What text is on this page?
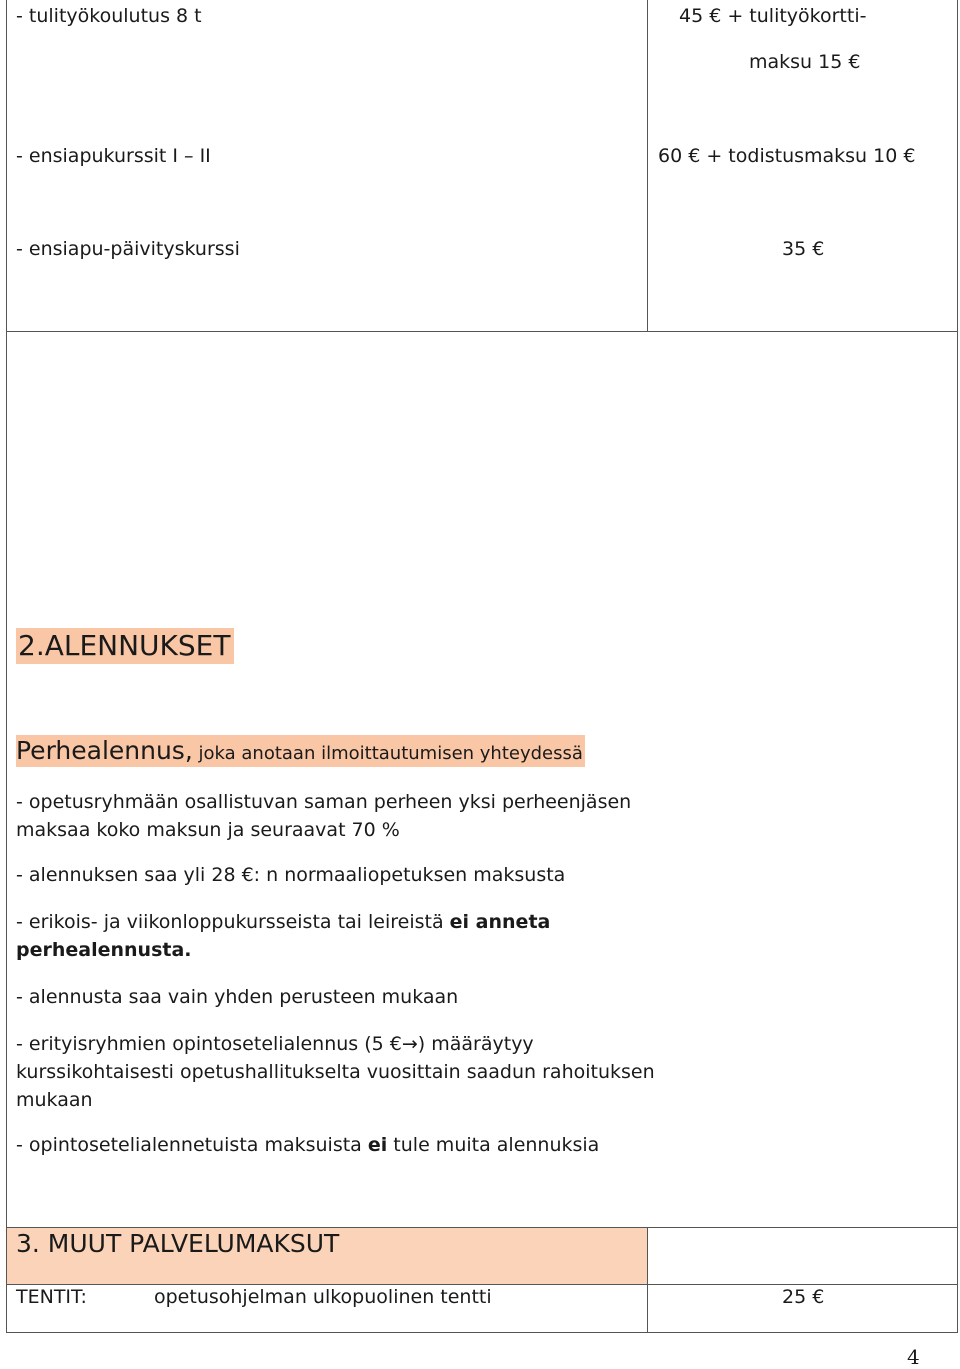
- tulityökoulutus 8 t	45 € + tulityökortti-
maksu 15 €
- ensiapukurssit I – II	60 € + todistusmaksu 10 €
- ensiapu-päivityskurssi	35 €
2.ALENNUKSET
Perhealennus, joka anotaan ilmoittautumisen yhteydessä
- opetusryhmään osallistuvan saman perheen yksi perheenjäsen
maksaa koko maksun ja seuraavat 70 %
- alennuksen saa yli 28 €: n normaaliopetuksen maksusta
- erikois- ja viikonloppukursseista tai leireistä ei anneta
perhealennusta.
- alennusta saa vain yhden perusteen mukaan
- erityisryhmien opintosetelialennus (5 €→) määräytyy
kurssikohtaisesti opetushallitukselta vuosittain saadun rahoituksen
mukaan
- opintosetelialennetuista maksuista ei tule muita alennuksia
3. MUUT PALVELUMAKSUT
TENTIT:	opetusohjelman ulkopuolinen tentti	25 €
4
